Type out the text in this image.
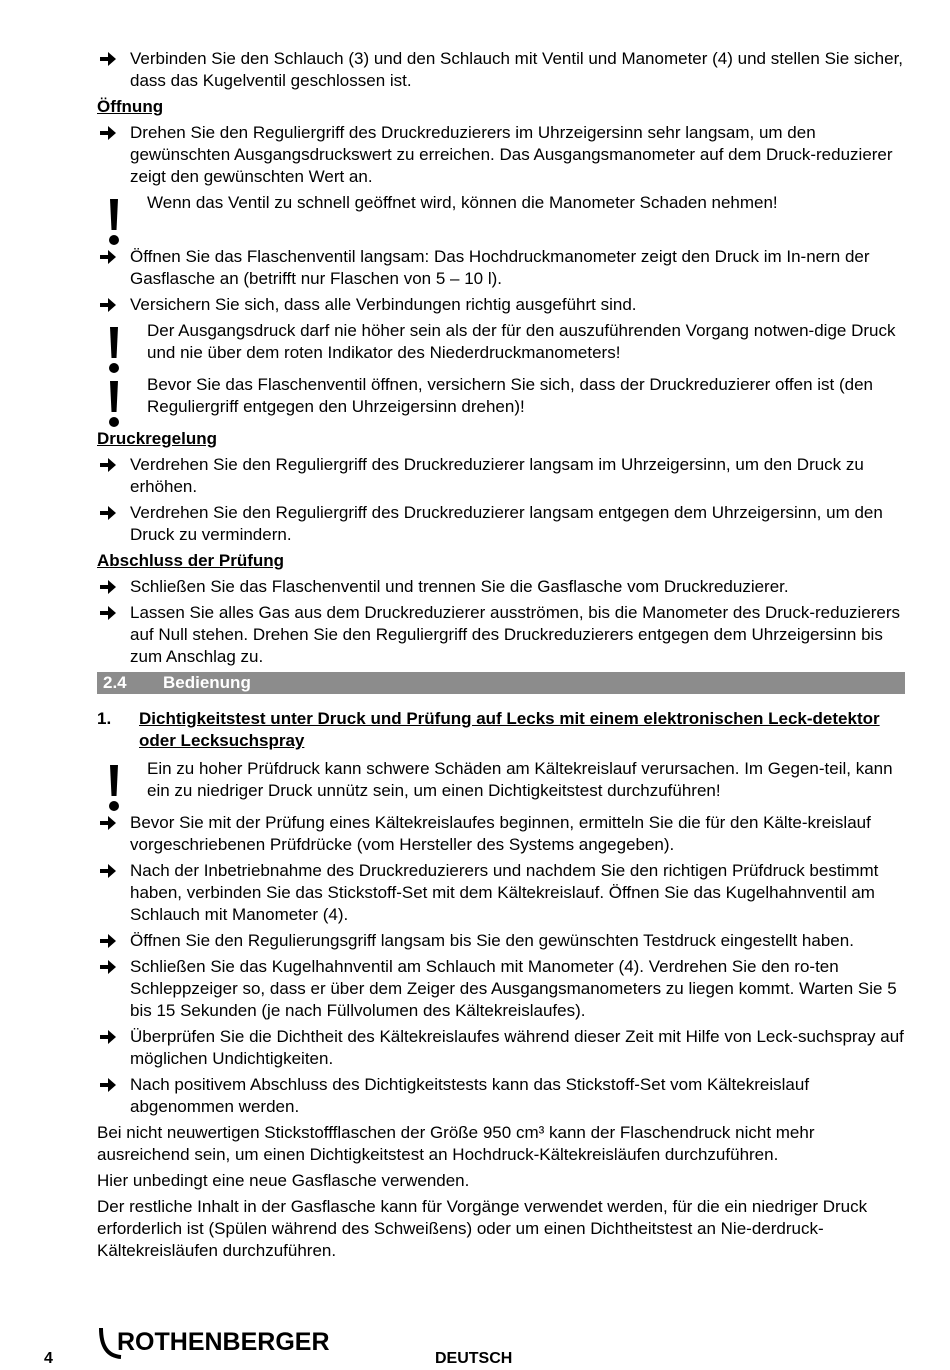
Verbinden Sie den Schlauch (3) und den Schlauch mit Ventil und Manometer (4) und stellen Sie sicher, dass das Kugelventil geschlossen ist.
Öffnung
Drehen Sie den Reguliergriff des Druckreduzierers im Uhrzeigersinn sehr langsam, um den gewünschten Ausgangsdruckswert zu erreichen. Das Ausgangsmanometer auf dem Druck-reduzierer zeigt den gewünschten Wert an.
Wenn das Ventil zu schnell geöffnet wird, können die Manometer Schaden nehmen!
Öffnen Sie das Flaschenventil langsam: Das Hochdruckmanometer zeigt den Druck im In-nern der Gasflasche an (betrifft nur Flaschen von 5 – 10 l).
Versichern Sie sich, dass alle Verbindungen richtig ausgeführt sind.
Der Ausgangsdruck darf nie höher sein als der für den auszuführenden Vorgang notwen-dige Druck und nie über dem roten Indikator des Niederdruckmanometers!
Bevor Sie das Flaschenventil öffnen, versichern Sie sich, dass der Druckreduzierer offen ist (den Reguliergriff entgegen den Uhrzeigersinn drehen)!
Druckregelung
Verdrehen Sie den Reguliergriff des Druckreduzierer langsam im Uhrzeigersinn, um den Druck zu erhöhen.
Verdrehen Sie den Reguliergriff des Druckreduzierer langsam entgegen dem Uhrzeigersinn, um den Druck zu vermindern.
Abschluss der Prüfung
Schließen Sie das Flaschenventil und trennen Sie die Gasflasche vom Druckreduzierer.
Lassen Sie alles Gas aus dem Druckreduzierer ausströmen, bis die Manometer des Druck-reduzierers auf Null stehen. Drehen Sie den Reguliergriff des Druckreduzierers entgegen dem Uhrzeigersinn bis zum Anschlag zu.
2.4 Bedienung
1. Dichtigkeitstest unter Druck und Prüfung auf Lecks mit einem elektronischen Leck-detektor oder Lecksuchspray
Ein zu hoher Prüfdruck kann schwere Schäden am Kältekreislauf verursachen. Im Gegen-teil, kann ein zu niedriger Druck unnütz sein, um einen Dichtigkeitstest durchzuführen!
Bevor Sie mit der Prüfung eines Kältekreislaufes beginnen, ermitteln Sie die für den Kälte-kreislauf vorgeschriebenen Prüfdrücke (vom Hersteller des Systems angegeben).
Nach der Inbetriebnahme des Druckreduzierers und nachdem Sie den richtigen Prüfdruck bestimmt haben, verbinden Sie das Stickstoff-Set mit dem Kältekreislauf. Öffnen Sie das Kugelhahnventil am Schlauch mit Manometer (4).
Öffnen Sie den Regulierungsgriff langsam bis Sie den gewünschten Testdruck eingestellt haben.
Schließen Sie das Kugelhahnventil am Schlauch mit Manometer (4). Verdrehen Sie den ro-ten Schleppzeiger so, dass er über dem Zeiger des Ausgangsmanometers zu liegen kommt. Warten Sie 5 bis 15 Sekunden (je nach Füllvolumen des Kältekreislaufes).
Überprüfen Sie die Dichtheit des Kältekreislaufes während dieser Zeit mit Hilfe von Leck-suchspray auf möglichen Undichtigkeiten.
Nach positivem Abschluss des Dichtigkeitstests kann das Stickstoff-Set vom Kältekreislauf abgenommen werden.
Bei nicht neuwertigen Stickstoffflaschen der Größe 950 cm³ kann der Flaschendruck nicht mehr ausreichend sein, um einen Dichtigkeitstest an Hochdruck-Kältekreisläufen durchzuführen.
Hier unbedingt eine neue Gasflasche verwenden.
Der restliche Inhalt in der Gasflasche kann für Vorgänge verwendet werden, für die ein niedriger Druck erforderlich ist (Spülen während des Schweißens) oder um einen Dichtheitstest an Nie-derdruck-Kältekreisläufen durchzuführen.
4
ROTHENBERGER
DEUTSCH
